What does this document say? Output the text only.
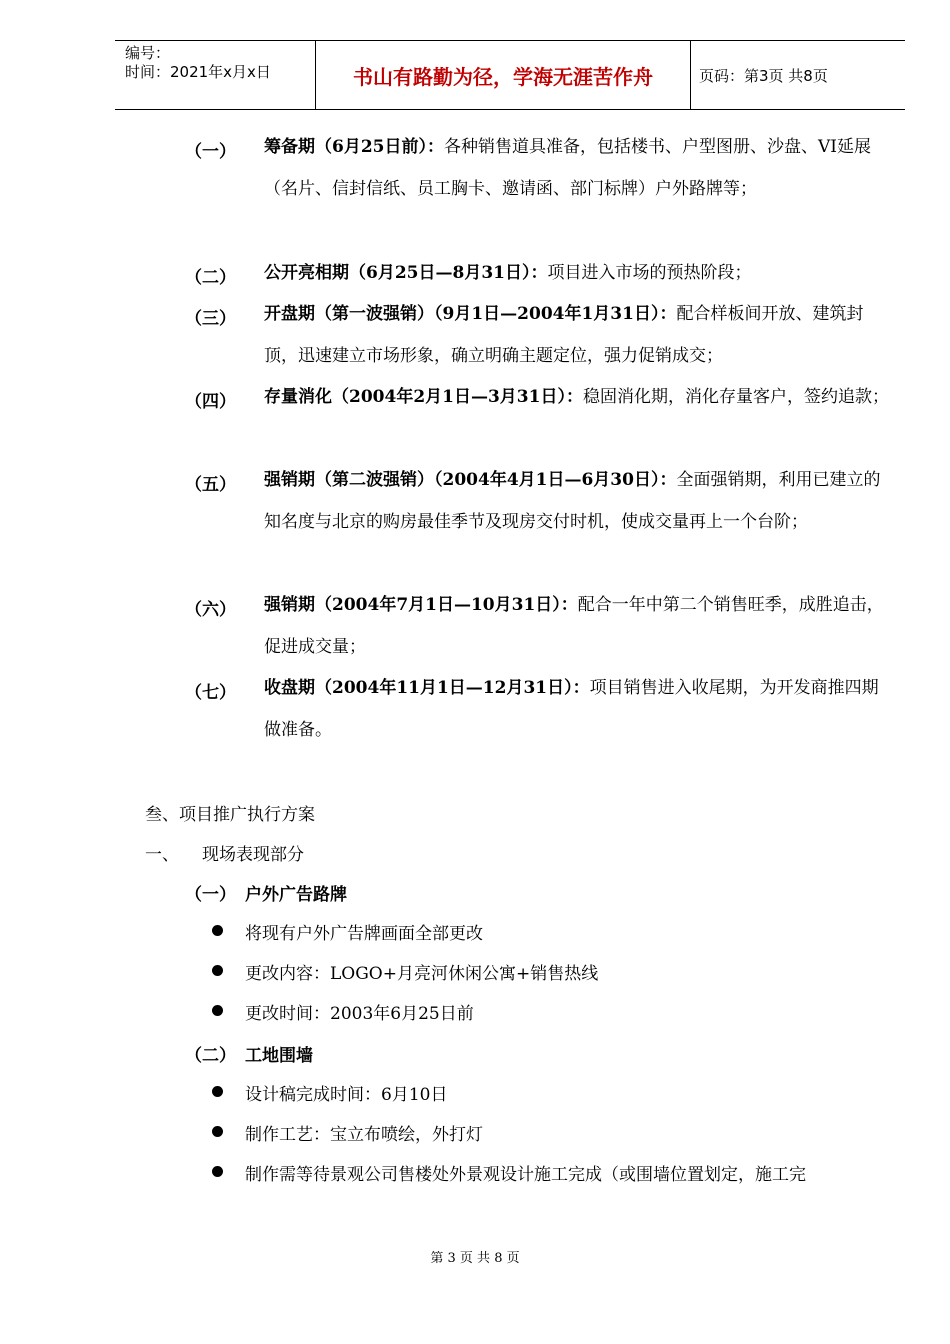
编号：
时间：2021年x月x日	书山有路勤为径，学海无涯苦作舟	页码：第3页 共8页
（一） 筹备期（6月25日前）：各种销售道具准备，包括楼书、户型图册、沙盘、VI延展（名片、信封信纸、员工胸卡、邀请函、部门标牌）户外路牌等；
（二） 公开亮相期（6月25日—8月31日）：项目进入市场的预热阶段；
（三） 开盘期（第一波强销）（9月1日—2004年1月31日）：配合样板间开放、建筑封顶，迅速建立市场形象，确立明确主题定位，强力促销成交；
（四） 存量消化（2004年2月1日—3月31日）：稳固消化期，消化存量客户，签约追款；
（五） 强销期（第二波强销）（2004年4月1日—6月30日）：全面强销期，利用已建立的知名度与北京的购房最佳季节及现房交付时机，使成交量再上一个台阶；
（六） 强销期（2004年7月1日—10月31日）：配合一年中第二个销售旺季，成胜追击，促进成交量；
（七） 收盘期（2004年11月1日—12月31日）：项目销售进入收尾期，为开发商推四期做准备。
叁、项目推广执行方案
一、 现场表现部分
（一） 户外广告路牌
将现有户外广告牌画面全部更改
更改内容：LOGO+月亮河休闲公寓+销售热线
更改时间：2003年6月25日前
（二） 工地围墙
设计稿完成时间：6月10日
制作工艺：宝立布喷绘，外打灯
制作需等待景观公司售楼处外景观设计施工完成（或围墙位置划定，施工完
第 3 页 共 8 页
